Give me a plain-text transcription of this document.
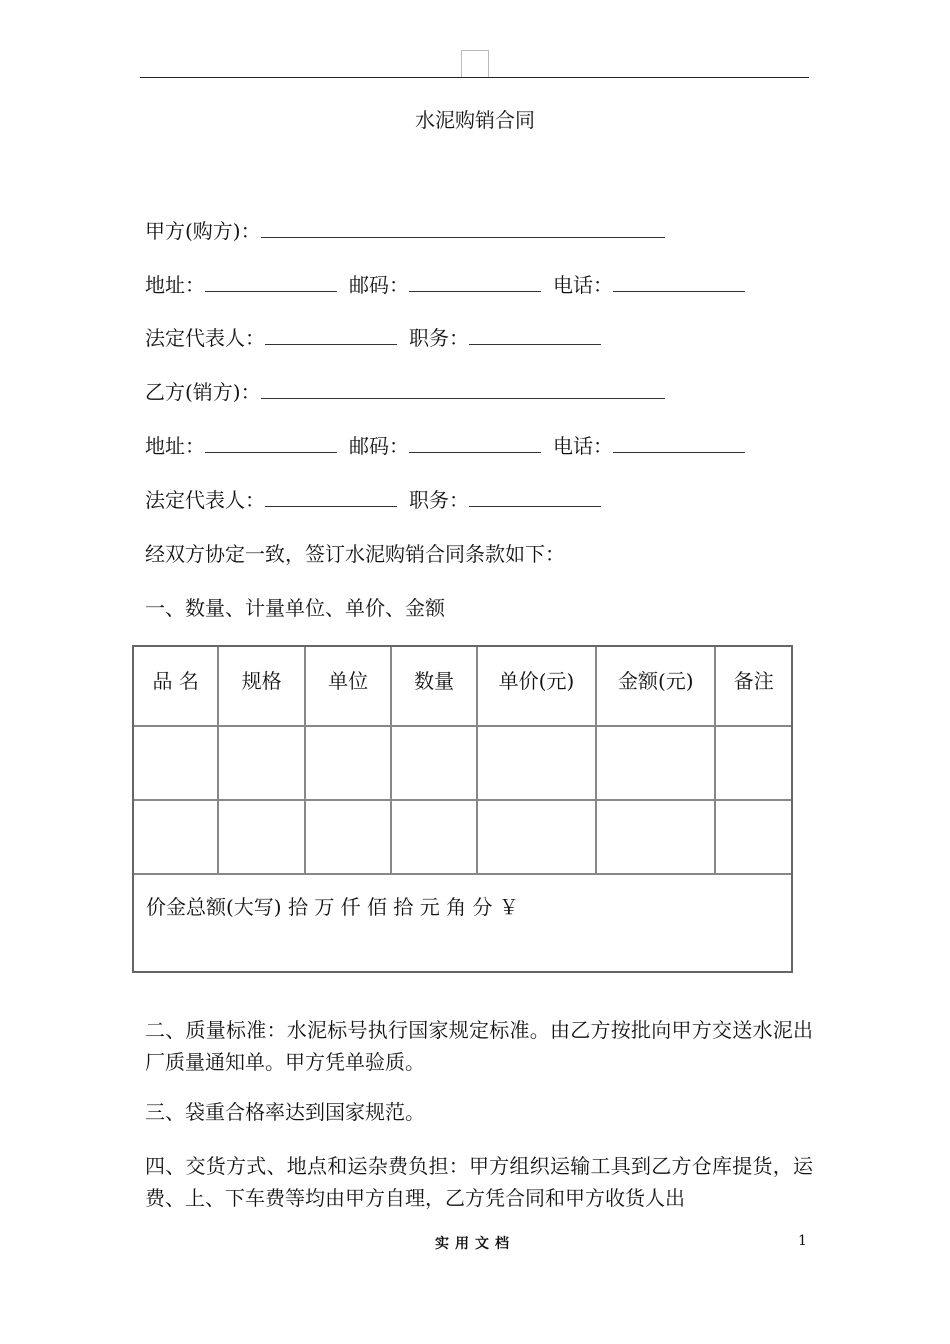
水泥购销合同
甲方(购方)：
地址：	邮码：	电话：
法定代表人：	职务：
乙方(销方)：
地址：	邮码：	电话：
法定代表人：	职务：
经双方协定一致，签订水泥购销合同条款如下：
一、数量、计量单位、单价、金额
品 名	规格	单位	数量	单价(元)	金额(元)	备注

价金总额(大写) 拾 万 仟 佰 拾 元 角 分 ￥						
二、质量标准：水泥标号执行国家规定标准。由乙方按批向甲方交送水泥出厂质量通知单。甲方凭单验质。
三、袋重合格率达到国家规范。
四、交货方式、地点和运杂费负担：甲方组织运输工具到乙方仓库提货，运费、上、下车费等均由甲方自理，乙方凭合同和甲方收货人出
实用文档	1
